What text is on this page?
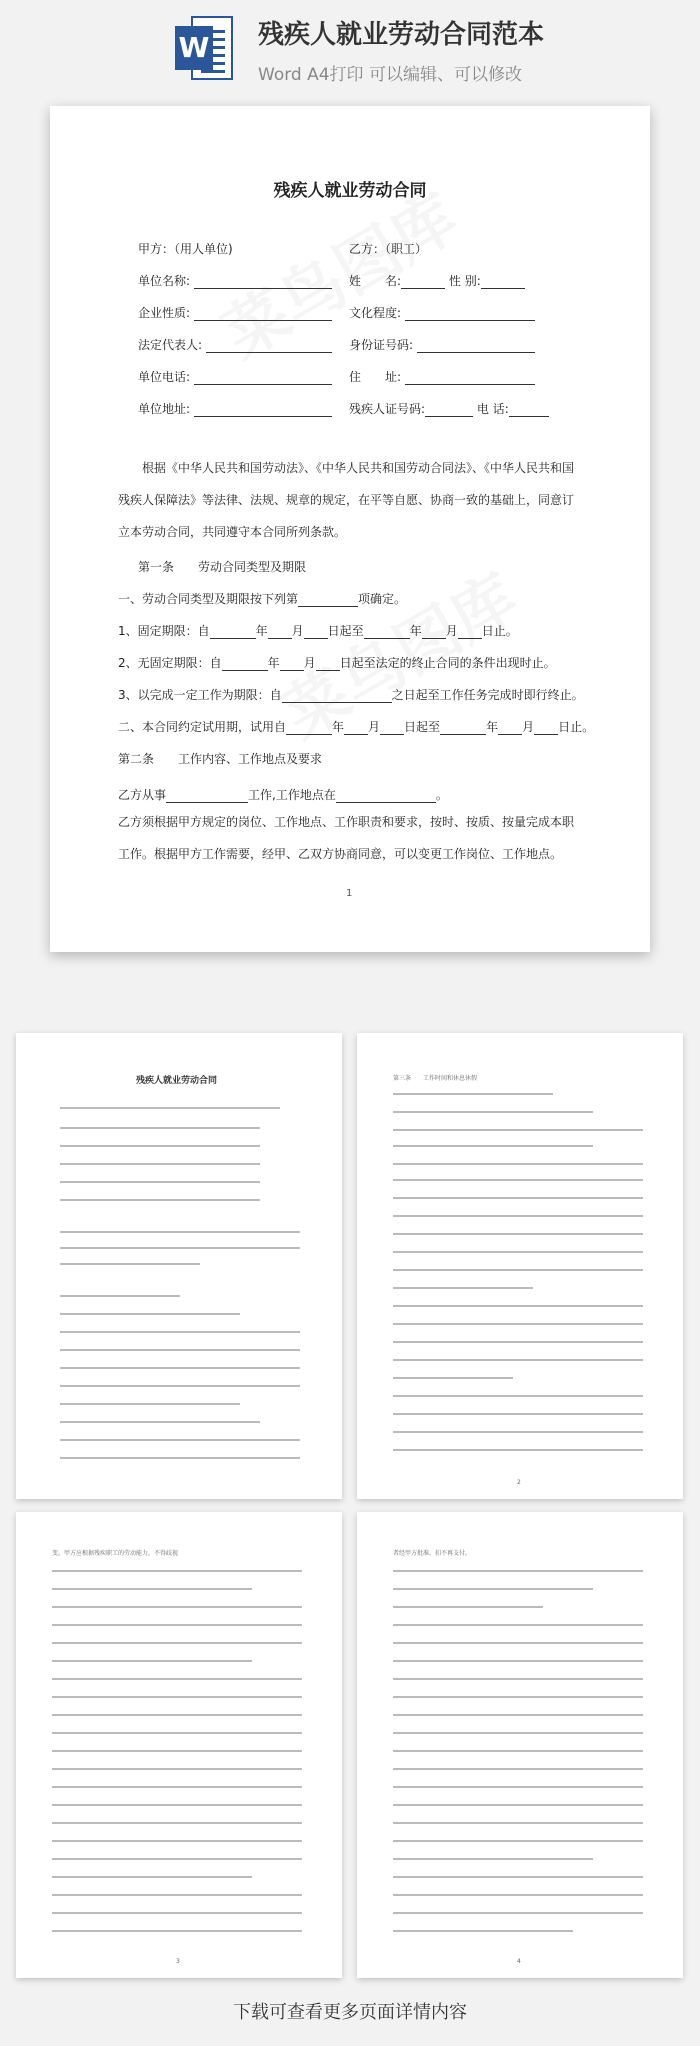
W 残疾人就业劳动合同范本
Word A4打印 可以编辑、可以修改
残疾人就业劳动合同
甲方：（用人单位)	乙方：（职工）
单位名称:	姓　　名:	性 别:
企业性质:	文化程度:
法定代表人:	身份证号码:
单位电话:	住　　址:
单位地址:	残疾人证号码:	电 话:
根据《中华人民共和国劳动法》、《中华人民共和国劳动合同法》、《中华人民共和国残疾人保障法》等法律、法规、规章的规定，在平等自愿、协商一致的基础上，同意订立本劳动合同，共同遵守本合同所列条款。
第一条　　劳动合同类型及期限
一、劳动合同类型及期限按下列第	项确定。
1、固定期限：自	年 月 日起至	年 月 日止。
2、无固定期限：自	年 月 日起至法定的终止合同的条件出现时止。
3、以完成一定工作为期限：自	之日起至工作任务完成时即行终止。
二、本合同约定试用期，试用自	年 月 日起至	年 月 日止。
第二条　　工作内容、工作地点及要求
乙方从事	工作,工作地点在	。
乙方须根据甲方规定的岗位、工作地点、工作职责和要求，按时、按质、按量完成本职工作。根据甲方工作需要，经甲、乙双方协商同意，可以变更工作岗位、工作地点。
1
残疾人就业劳动合同	第三条　　工作时间和休息休假
2
变。甲方应根据残疾职工的劳动能力，不得歧视
3
者经甲方批准，扣不再支付。
4
下载可查看更多页面详情内容
